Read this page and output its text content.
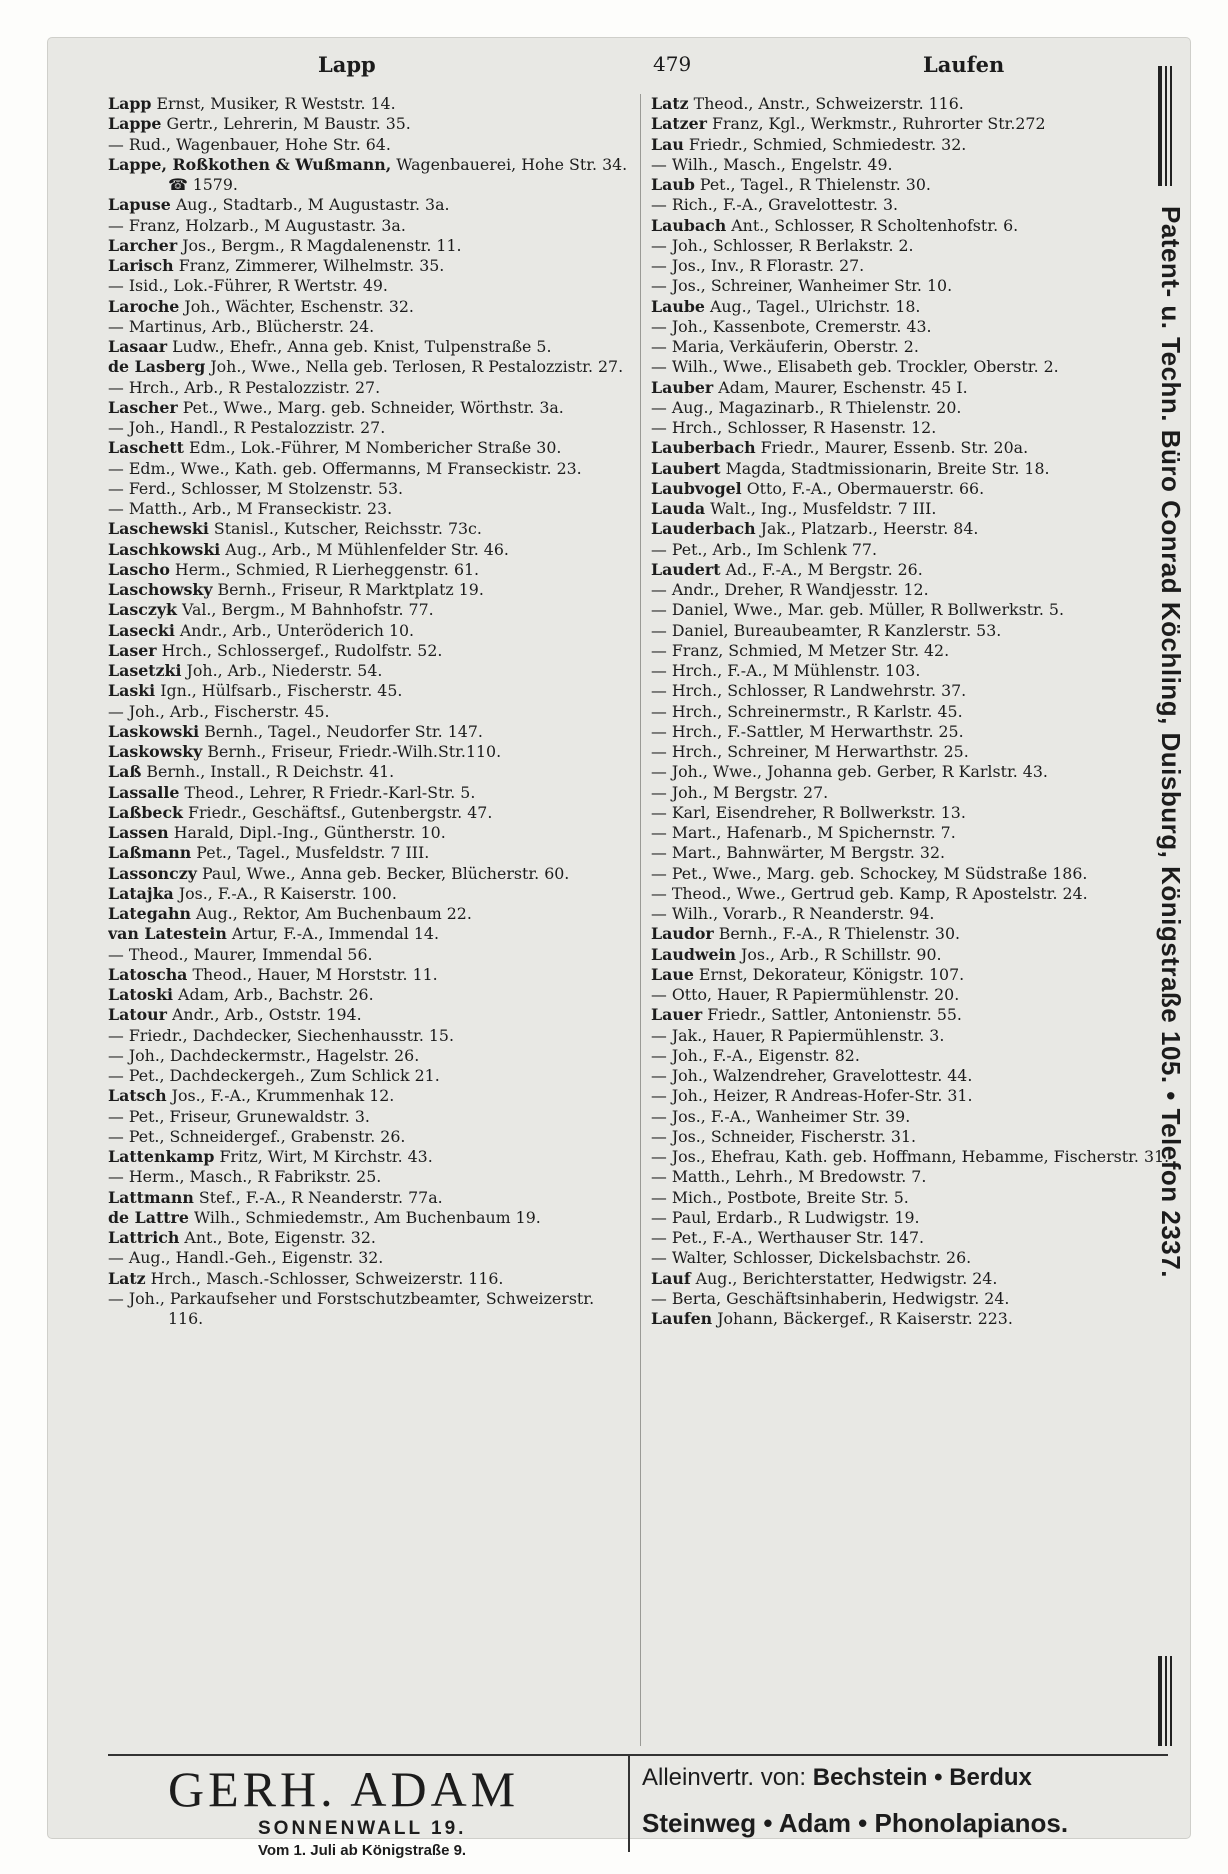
Lapp	479	Laufen
Lapp Ernst, Musiker, R Weststr. 14.
Lappe Gertr., Lehrerin, M Baustr. 35.
— Rud., Wagenbauer, Hohe Str. 64.
Lappe, Roßkothen & Wußmann, Wagenbauerei, Hohe Str. 34. ☎ 1579.
Lapuse Aug., Stadtarb., M Augustastr. 3a.
— Franz, Holzarb., M Augustastr. 3a.
Larcher Jos., Bergm., R Magdalenenstr. 11.
Larisch Franz, Zimmerer, Wilhelmstr. 35.
— Isid., Lok.-Führer, R Wertstr. 49.
Laroche Joh., Wächter, Eschenstr. 32.
— Martinus, Arb., Blücherstr. 24.
Lasaar Ludw., Ehefr., Anna geb. Knist, Tulpenstraße 5.
de Lasberg Joh., Wwe., Nella geb. Terlosen, R Pestalozzistr. 27.
— Hrch., Arb., R Pestalozzistr. 27.
Lascher Pet., Wwe., Marg. geb. Schneider, Wörthstr. 3a.
— Joh., Handl., R Pestalozzistr. 27.
Laschett Edm., Lok.-Führer, M Nombericher Straße 30.
— Edm., Wwe., Kath. geb. Offermanns, M Franseckistr. 23.
— Ferd., Schlosser, M Stolzenstr. 53.
— Matth., Arb., M Franseckistr. 23.
Laschewski Stanisl., Kutscher, Reichsstr. 73c.
Laschkowski Aug., Arb., M Mühlenfelder Str. 46.
Laschо Herm., Schmied, R Lierheggenstr. 61.
Laschowsky Bernh., Friseur, R Marktplatz 19.
Lasczyk Val., Bergm., M Bahnhofstr. 77.
Lasecki Andr., Arb., Unteröderich 10.
Laser Hrch., Schlossergef., Rudolfstr. 52.
Lasetzki Joh., Arb., Niederstr. 54.
Laski Ign., Hülfsarb., Fischerstr. 45.
— Joh., Arb., Fischerstr. 45.
Laskowski Bernh., Tagel., Neudorfer Str. 147.
Laskowsky Bernh., Friseur, Friedr.-Wilh.Str.110.
Laß Bernh., Install., R Deichstr. 41.
Lassalle Theod., Lehrer, R Friedr.-Karl-Str. 5.
Laßbeck Friedr., Geschäftsf., Gutenbergstr. 47.
Lassen Harald, Dipl.-Ing., Güntherstr. 10.
Laßmann Pet., Tagel., Musfeldstr. 7 III.
Lassonczy Paul, Wwe., Anna geb. Becker, Blücherstr. 60.
Latajka Jos., F.-A., R Kaiserstr. 100.
Lategahn Aug., Rektor, Am Buchenbaum 22.
van Latestein Artur, F.-A., Immendal 14.
— Theod., Maurer, Immendal 56.
Latoscha Theod., Hauer, M Horststr. 11.
Latoski Adam, Arb., Bachstr. 26.
Latour Andr., Arb., Oststr. 194.
— Friedr., Dachdecker, Siechenhausstr. 15.
— Joh., Dachdeckermstr., Hagelstr. 26.
— Pet., Dachdeckergeh., Zum Schlick 21.
Latsch Jos., F.-A., Krummenhak 12.
— Pet., Friseur, Grunewaldstr. 3.
— Pet., Schneidergef., Grabenstr. 26.
Lattenkamp Fritz, Wirt, M Kirchstr. 43.
— Herm., Masch., R Fabrikstr. 25.
Lattmann Stef., F.-A., R Neanderstr. 77a.
de Lattre Wilh., Schmiedemstr., Am Buchenbaum 19.
Lattrich Ant., Bote, Eigenstr. 32.
— Aug., Handl.-Geh., Eigenstr. 32.
Latz Hrch., Masch.-Schlosser, Schweizerstr. 116.
— Joh., Parkaufseher und Forstschutzbeamter, Schweizerstr. 116.
Latz Theod., Anstr., Schweizerstr. 116.
Latzer Franz, Kgl., Werkmstr., Ruhrorter Str.272
Lau Friedr., Schmied, Schmiedestr. 32.
— Wilh., Masch., Engelstr. 49.
Laub Pet., Tagel., R Thielenstr. 30.
— Rich., F.-A., Gravelottestr. 3.
Laubach Ant., Schlosser, R Scholtenhofstr. 6.
— Joh., Schlosser, R Berlakstr. 2.
— Jos., Inv., R Florastr. 27.
— Jos., Schreiner, Wanheimer Str. 10.
Laube Aug., Tagel., Ulrichstr. 18.
— Joh., Kassenbote, Cremerstr. 43.
— Maria, Verkäuferin, Oberstr. 2.
— Wilh., Wwe., Elisabeth geb. Trockler, Oberstr. 2.
Lauber Adam, Maurer, Eschenstr. 45 I.
— Aug., Magazinarb., R Thielenstr. 20.
— Hrch., Schlosser, R Hasenstr. 12.
Lauberbach Friedr., Maurer, Essenb. Str. 20a.
Laubert Magda, Stadtmissionarin, Breite Str. 18.
Laubvogel Otto, F.-A., Obermauerstr. 66.
Lauda Walt., Ing., Musfeldstr. 7 III.
Lauderbach Jak., Platzarb., Heerstr. 84.
— Pet., Arb., Im Schlenk 77.
Laudert Ad., F.-A., M Bergstr. 26.
— Andr., Dreher, R Wandjesstr. 12.
— Daniel, Wwe., Mar. geb. Müller, R Bollwerkstr. 5.
— Daniel, Bureaubeamter, R Kanzlerstr. 53.
— Franz, Schmied, M Metzer Str. 42.
— Hrch., F.-A., M Mühlenstr. 103.
— Hrch., Schlosser, R Landwehrstr. 37.
— Hrch., Schreinermstr., R Karlstr. 45.
— Hrch., F.-Sattler, M Herwarthstr. 25.
— Hrch., Schreiner, M Herwarthstr. 25.
— Joh., Wwe., Johanna geb. Gerber, R Karlstr. 43.
— Joh., M Bergstr. 27.
— Karl, Eisendreher, R Bollwerkstr. 13.
— Mart., Hafenarb., M Spichernstr. 7.
— Mart., Bahnwärter, M Bergstr. 32.
— Pet., Wwe., Marg. geb. Schockey, M Südstraße 186.
— Theod., Wwe., Gertrud geb. Kamp, R Apostelstr. 24.
— Wilh., Vorarb., R Neanderstr. 94.
Laudor Bernh., F.-A., R Thielenstr. 30.
Laudwein Jos., Arb., R Schillstr. 90.
Laue Ernst, Dekorateur, Königstr. 107.
— Otto, Hauer, R Papiermühlenstr. 20.
Lauer Friedr., Sattler, Antonienstr. 55.
— Jak., Hauer, R Papiermühlenstr. 3.
— Joh., F.-A., Eigenstr. 82.
— Joh., Walzendreher, Gravelottestr. 44.
— Joh., Heizer, R Andreas-Hofer-Str. 31.
— Jos., F.-A., Wanheimer Str. 39.
— Jos., Schneider, Fischerstr. 31.
— Jos., Ehefrau, Kath. geb. Hoffmann, Hebamme, Fischerstr. 31.
— Matth., Lehrh., M Bredowstr. 7.
— Mich., Postbote, Breite Str. 5.
— Paul, Erdarb., R Ludwigstr. 19.
— Pet., F.-A., Werthauser Str. 147.
— Walter, Schlosser, Dickelsbachstr. 26.
Lauf Aug., Berichterstatter, Hedwigstr. 24.
— Berta, Geschäftsinhaberin, Hedwigstr. 24.
Laufen Johann, Bäckergef., R Kaiserstr. 223.
Patent- u. Techn. Büro Conrad Köchling, Duisburg, Königstraße 105. • Telefon 2337.
GERH. ADAM
SONNENWALL 19.
Vom 1. Juli ab Königstraße 9.
Alleinvertr. von: Bechstein • Berdux
Steinweg • Adam • Phonolapianos.
